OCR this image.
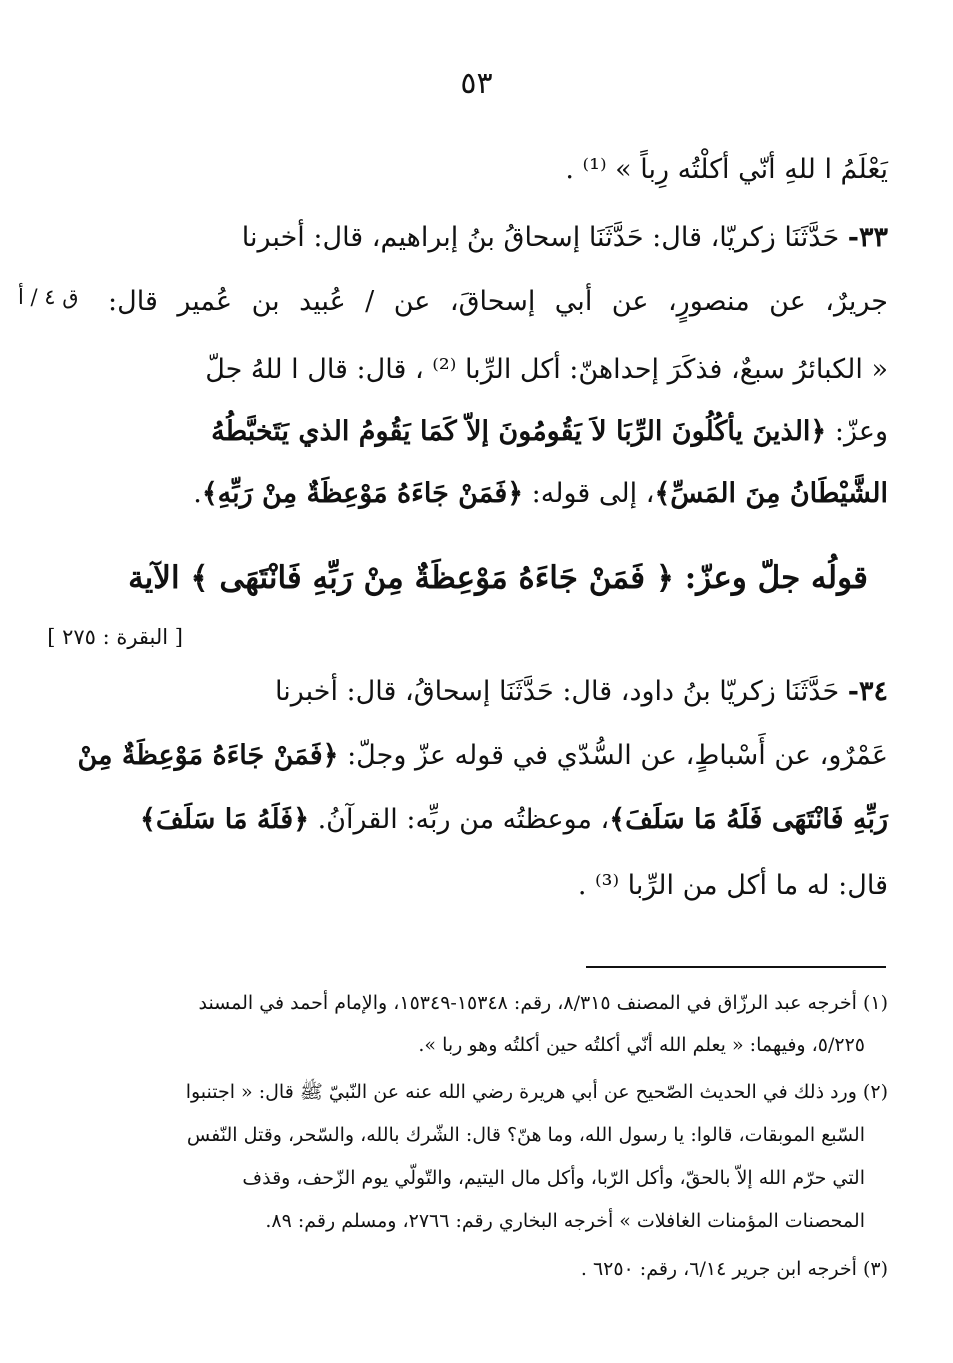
٥٣
ق ٤ / أ
يَعْلَمُ ا للهِ أنّي أكلْتُه رِباً » ⁽¹⁾ .
٣٣- حَدَّثَنَا زكريّا، قال: حَدَّثَنَا إسحاقُ بنُ إبراهيم، قال: أخبرنا
جريرٌ، عن منصورٍ، عن أبي إسحاقَ، عن / عُبيد بن عُمير قال:
« الكبائرُ سبعٌ، فذكَرَ إحداهنّ: أكل الرِّبا ⁽²⁾ ، قال: قال ا للهُ جلّ
وعزّ: ﴿الذينَ يأكُلُونَ الرِّبَا لاَ يَقُومُونَ إلاّ كَمَا يَقُومُ الذي يَتَخبَّطُهُ
الشَّيْطَانُ مِنَ المَسِّ﴾، إلى قوله: ﴿فَمَنْ جَاءَهُ مَوْعِظَةٌ مِنْ رَبِّهِ﴾.
قولُه جلّ وعزّ: ﴿ فَمَنْ جَاءَهُ مَوْعِظَةٌ مِنْ رَبِّهِ فَانْتَهَى ﴾ الآية
[ البقرة : ٢٧٥ ]
٣٤- حَدَّثَنَا زكريّا بنُ داود، قال: حَدَّثَنَا إسحاقُ، قال: أخبرنا
عَمْرٌو، عن أَسْباطٍ، عن السُّدّي في قوله عزّ وجلّ: ﴿فَمَنْ جَاءَهُ مَوْعِظَةٌ مِنْ
رَبِّهِ فَانْتَهَى فَلَهُ مَا سَلَفَ﴾، موعظتُه من ربِّه: القرآنُ. ﴿فَلَهُ مَا سَلَفَ﴾
قال: له ما أكل من الرِّبا ⁽³⁾ .
(١) أخرجه عبد الرزّاق في المصنف ٨/٣١٥، رقم: ١٥٣٤٨-١٥٣٤٩، والإمام أحمد في المسند
٥/٢٢٥، وفيهما: « يعلم الله أنّي أكلتُه حين أكلتُه وهو ربا ».
(٢) ورد ذلك في الحديث الصّحيح عن أبي هريرة رضي الله عنه عن النّبيّ ﷺ قال: « اجتنبوا
السّبع الموبقات، قالوا: يا رسول الله، وما هنّ؟ قال: الشّرك بالله، والسّحر، وقتل النّفس
التي حرّم الله إلاّ بالحقّ، وأكل الرّبا، وأكل مال اليتيم، والتّولّي يوم الزّحف، وقذف
المحصنات المؤمنات الغافلات » أخرجه البخاري رقم: ٢٧٦٦، ومسلم رقم: ٨٩.
(٣) أخرجه ابن جرير ٦/١٤، رقم: ٦٢٥٠ .
